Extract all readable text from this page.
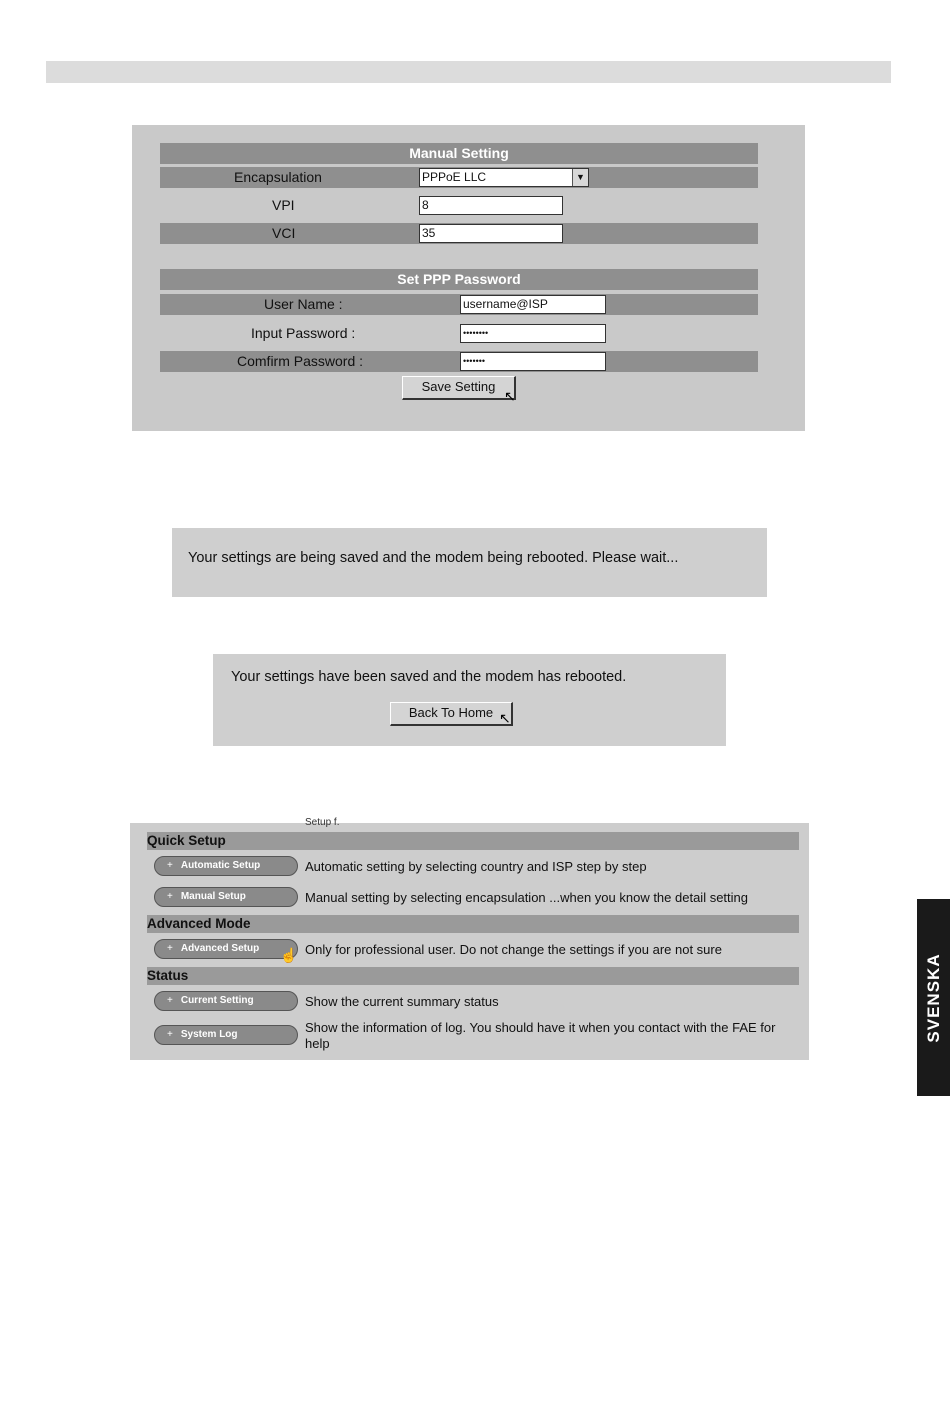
Manual Setting
Encapsulation	PPPoE LLC	▼
VPI	8
VCI	35
Set PPP Password
User Name :	username@ISP
Input Password :	••••••••
Comfirm Password :	•••••••
Save Setting
↖
Your settings are being saved and the modem being rebooted. Please wait...
Your settings have been saved and the modem has rebooted.
Back To Home ↖
Setup f.
Quick Setup
+ Automatic Setup	Automatic setting by selecting country and ISP step by step
+ Manual Setup	Manual setting by selecting encapsulation ...when you know the detail setting
Advanced Mode
+ Advanced Setup	☝ Only for professional user. Do not change the settings if you are not sure
Status
+ Current Setting	Show the current summary status
+ System Log	Show the information of log. You should have it when you contact with the FAE for help
SVENSKA
